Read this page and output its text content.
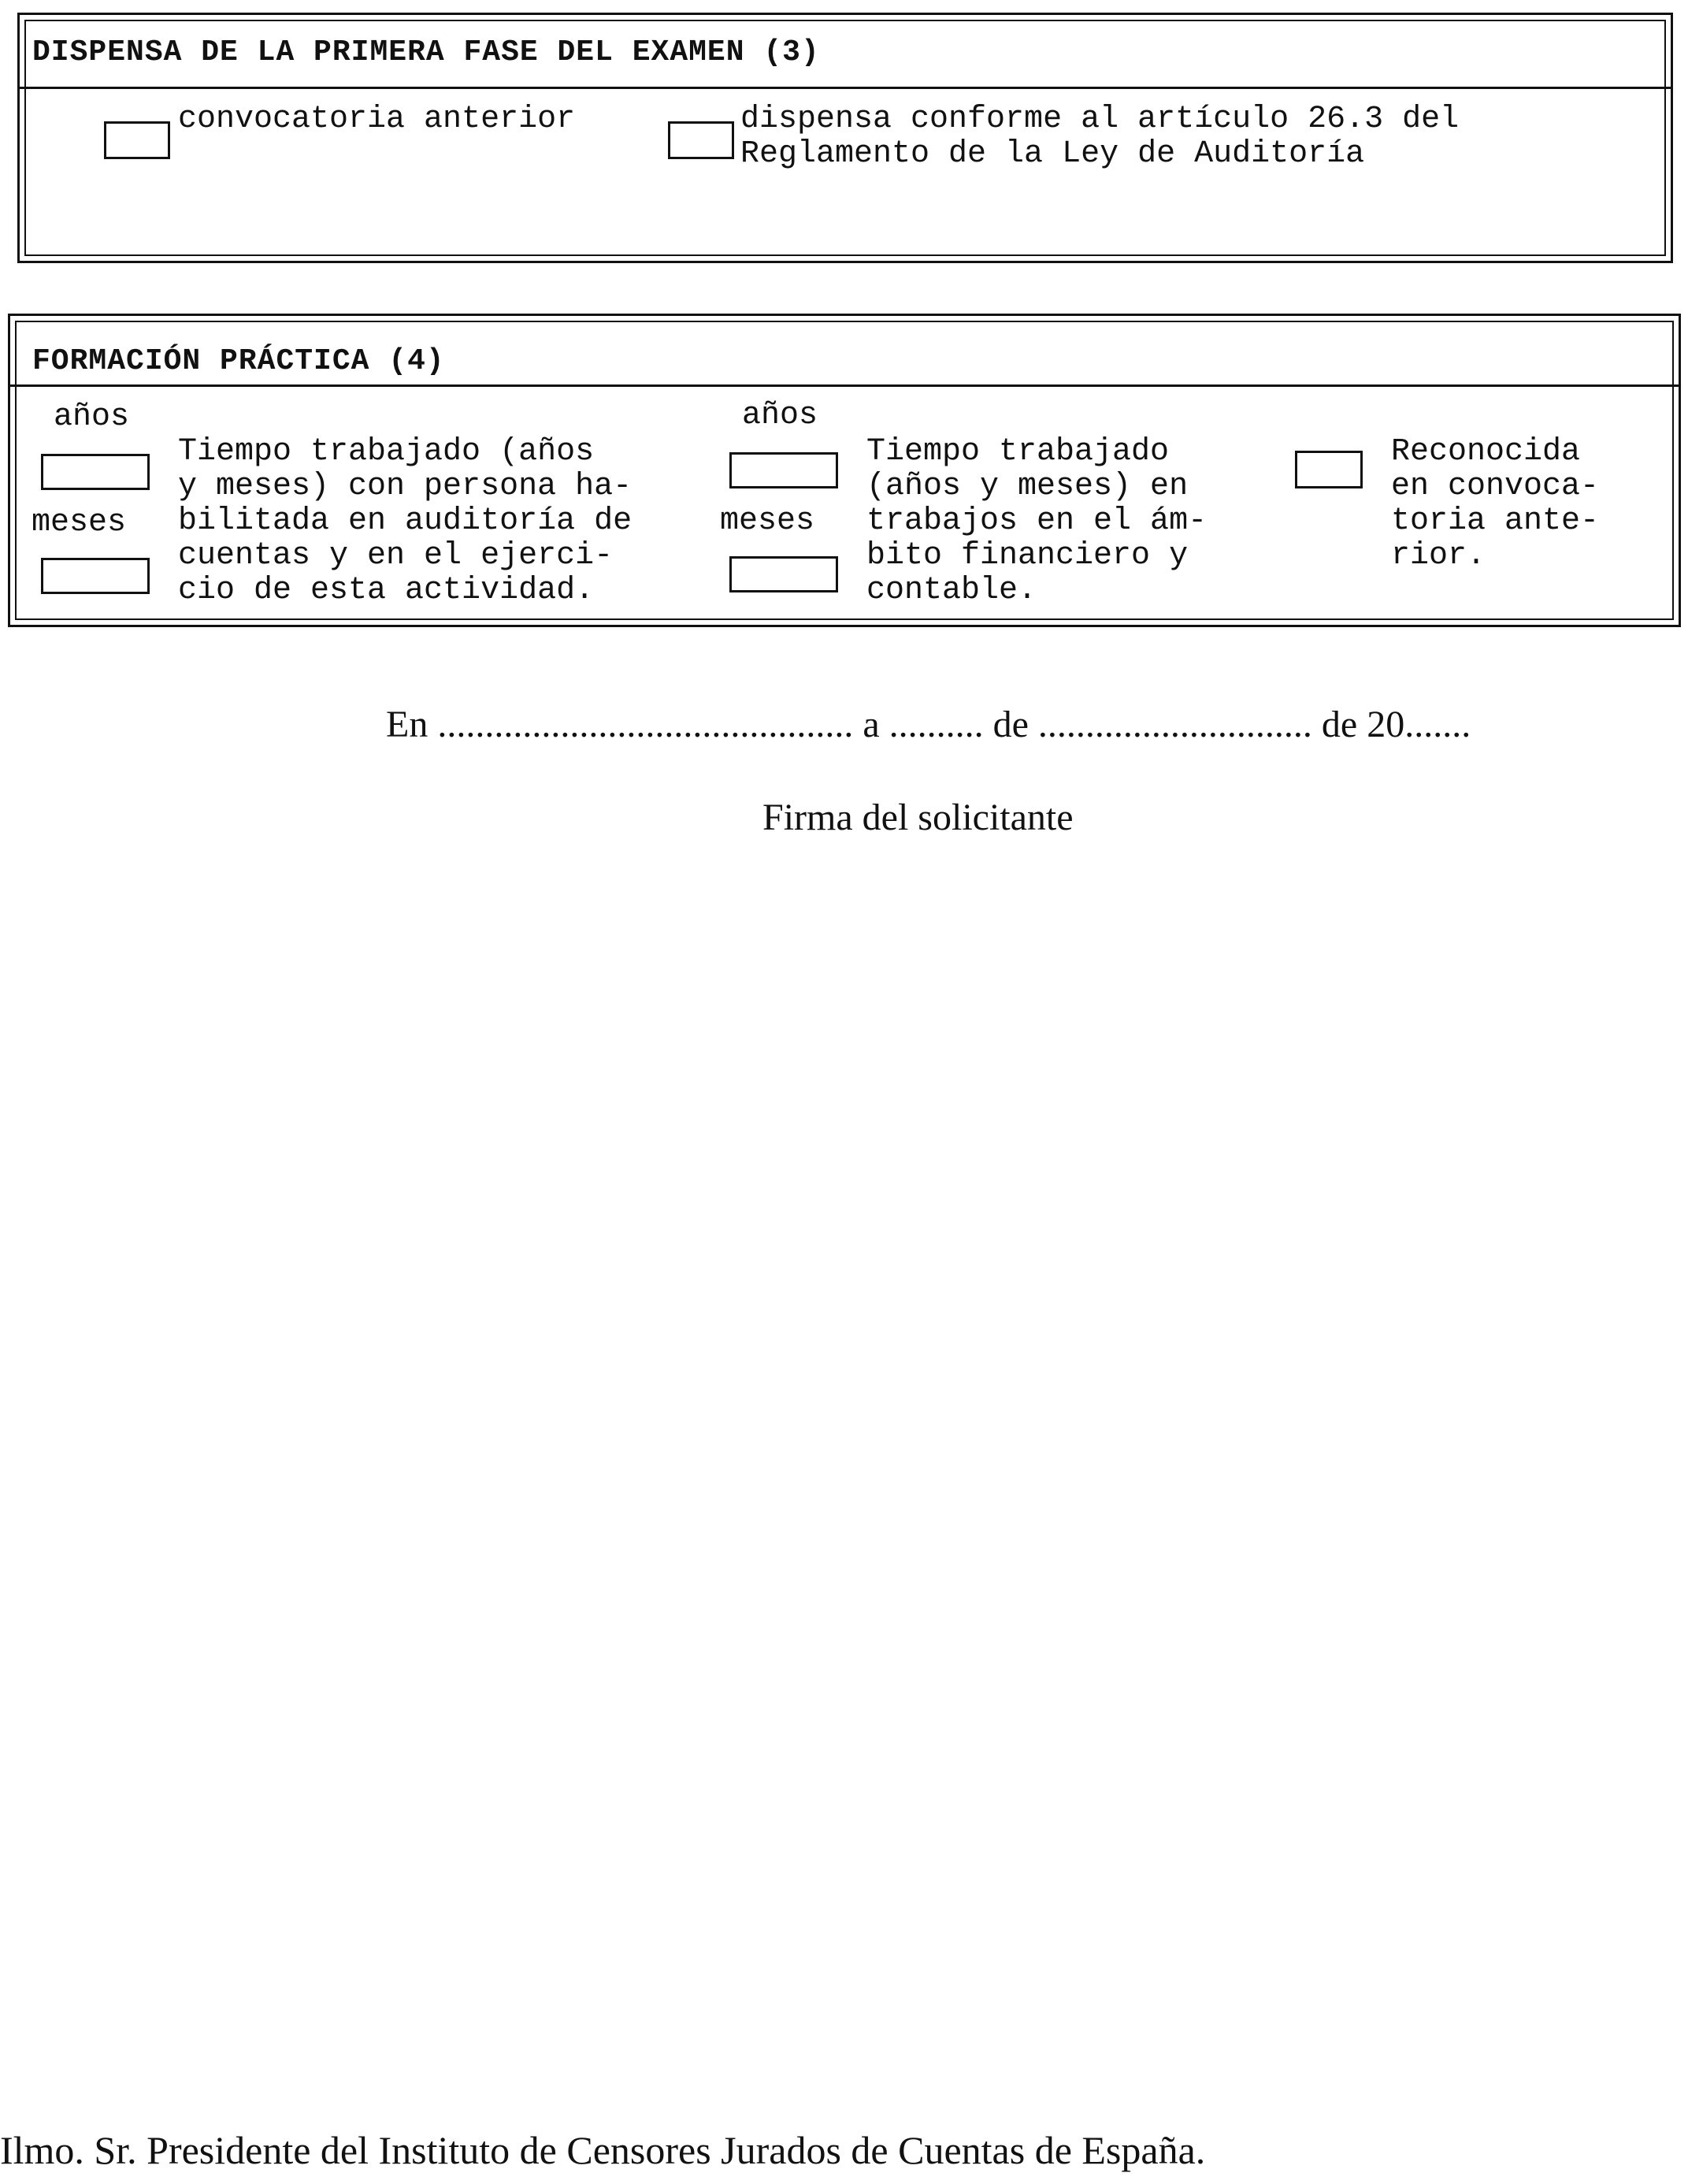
DISPENSA DE LA PRIMERA FASE DEL EXAMEN (3)
convocatoria anterior	dispensa conforme al artículo 26.3 del
Reglamento de la Ley de Auditoría
FORMACIÓN PRÁCTICA (4)
años
meses
Tiempo trabajado (años
y meses) con persona ha-
bilitada en auditoría de
cuentas y en el ejerci-
cio de esta actividad.
años
meses
Tiempo trabajado
(años y meses) en
trabajos en el ám-
bito financiero y
contable.
Reconocida
en convoca-
toria ante-
rior.
En ............................................ a .......... de ............................. de 20.......
Firma del solicitante
Ilmo. Sr. Presidente del Instituto de Censores Jurados de Cuentas de España.
